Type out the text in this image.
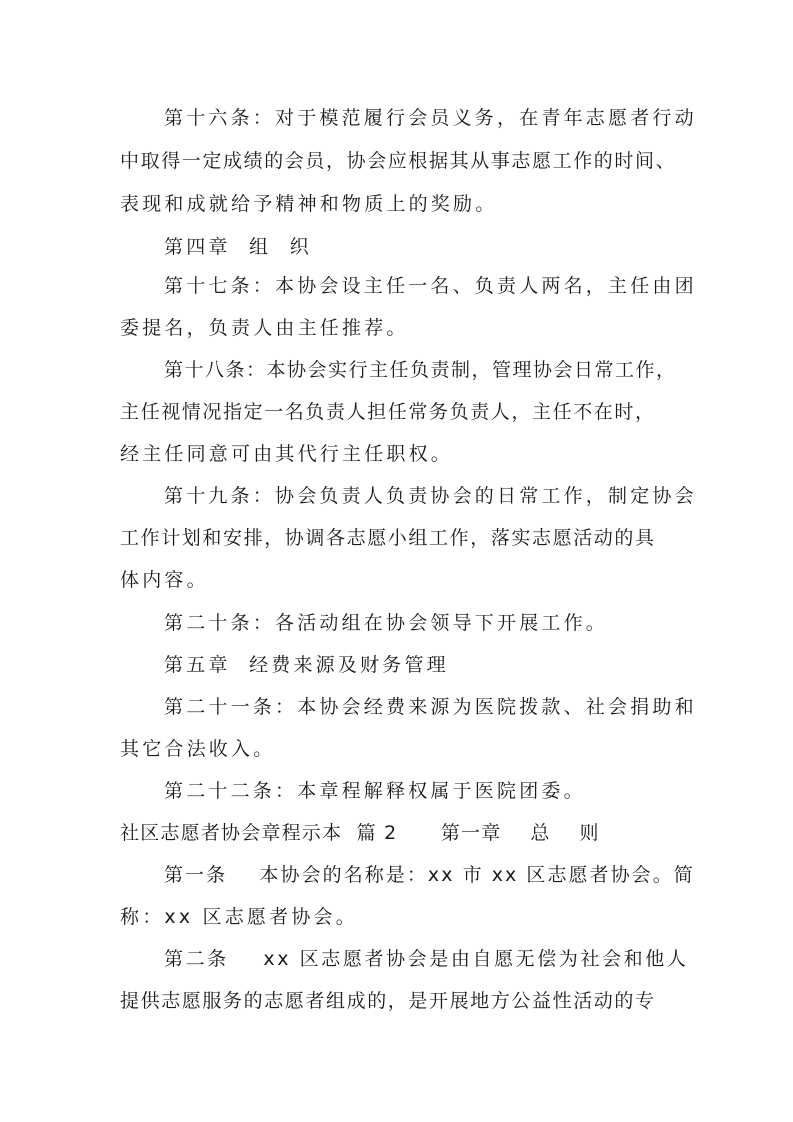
第十六条：对于模范履行会员义务，在青年志愿者行动
中取得一定成绩的会员，协会应根据其从事志愿工作的时间、
表现和成就给予精神和物质上的奖励。
第四章  组  织
第十七条：本协会设主任一名、负责人两名，主任由团
委提名，负责人由主任推荐。
第十八条：本协会实行主任负责制，管理协会日常工作，
主任视情况指定一名负责人担任常务负责人，主任不在时，
经主任同意可由其代行主任职权。
第十九条：协会负责人负责协会的日常工作，制定协会
工作计划和安排，协调各志愿小组工作，落实志愿活动的具
体内容。
第二十条：各活动组在协会领导下开展工作。
第五章  经费来源及财务管理
第二十一条：本协会经费来源为医院拨款、社会捐助和
其它合法收入。
第二十二条：本章程解释权属于医院团委。
社区志愿者协会章程示本  篇 2      第一章    总    则
第一条    本协会的名称是：xx 市 xx 区志愿者协会。简
称：xx 区志愿者协会。
第二条    xx 区志愿者协会是由自愿无偿为社会和他人
提供志愿服务的志愿者组成的，是开展地方公益性活动的专
